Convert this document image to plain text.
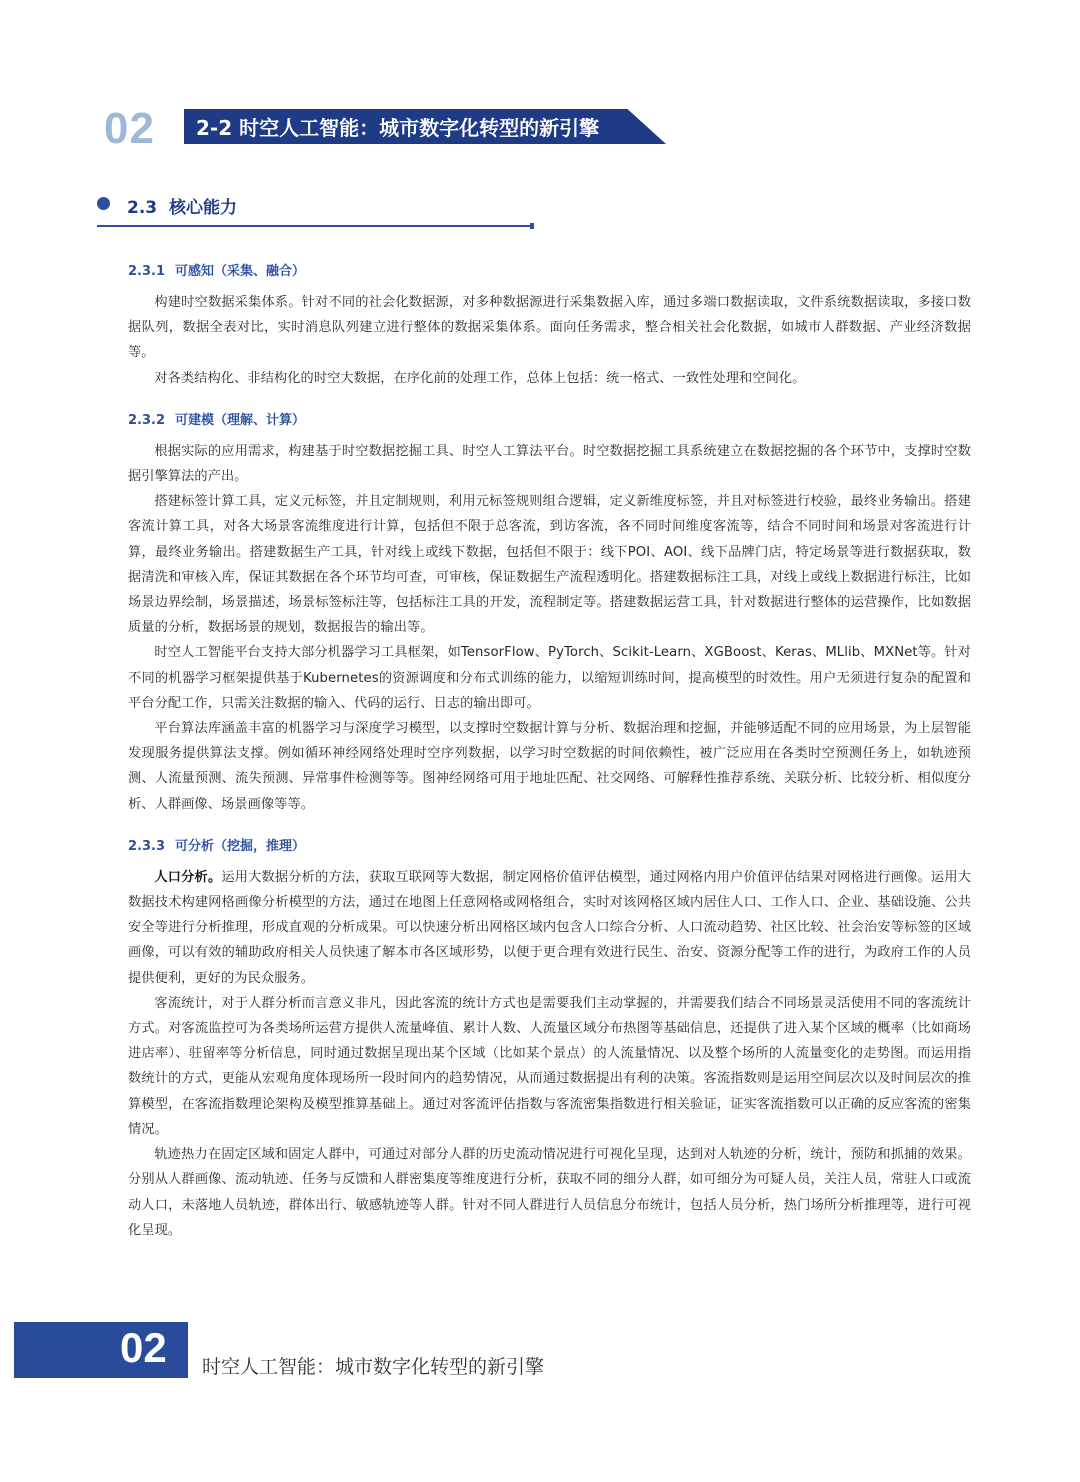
02 2-2 时空人工智能：城市数字化转型的新引擎
2.3 核心能力
2.3.1 可感知（采集、融合）

构建时空数据采集体系。针对不同的社会化数据源，对多种数据源进行采集数据入库，通过多端口数据读取，文件系统数据读取，多接口数据队列，数据全表对比，实时消息队列建立进行整体的数据采集体系。面向任务需求，整合相关社会化数据，如城市人群数据、产业经济数据等。

对各类结构化、非结构化的时空大数据，在序化前的处理工作，总体上包括：统一格式、一致性处理和空间化。

2.3.2 可建模（理解、计算）

根据实际的应用需求，构建基于时空数据挖掘工具、时空人工算法平台。时空数据挖掘工具系统建立在数据挖掘的各个环节中，支撑时空数据引擎算法的产出。

搭建标签计算工具，定义元标签，并且定制规则，利用元标签规则组合逻辑，定义新维度标签，并且对标签进行校验，最终业务输出。搭建客流计算工具，对各大场景客流维度进行计算，包括但不限于总客流，到访客流，各不同时间维度客流等，结合不同时间和场景对客流进行计算，最终业务输出。搭建数据生产工具，针对线上或线下数据，包括但不限于：线下POI、AOI、线下品牌门店，特定场景等进行数据获取，数据清洗和审核入库，保证其数据在各个环节均可查，可审核，保证数据生产流程透明化。搭建数据标注工具，对线上或线上数据进行标注，比如场景边界绘制，场景描述，场景标签标注等，包括标注工具的开发，流程制定等。搭建数据运营工具，针对数据进行整体的运营操作，比如数据质量的分析，数据场景的规划，数据报告的输出等。

时空人工智能平台支持大部分机器学习工具框架，如TensorFlow、PyTorch、Scikit-Learn、XGBoost、Keras、MLlib、MXNet等。针对不同的机器学习框架提供基于Kubernetes的资源调度和分布式训练的能力，以缩短训练时间，提高模型的时效性。用户无须进行复杂的配置和平台分配工作，只需关注数据的输入、代码的运行、日志的输出即可。

平台算法库涵盖丰富的机器学习与深度学习模型，以支撑时空数据计算与分析、数据治理和挖掘，并能够适配不同的应用场景，为上层智能发现服务提供算法支撑。例如循环神经网络处理时空序列数据，以学习时空数据的时间依赖性，被广泛应用在各类时空预测任务上，如轨迹预测、人流量预测、流失预测、异常事件检测等等。图神经网络可用于地址匹配、社交网络、可解释性推荐系统、关联分析、比较分析、相似度分析、人群画像、场景画像等等。

2.3.3 可分析（挖掘，推理）

人口分析。运用大数据分析的方法，获取互联网等大数据，制定网格价值评估模型，通过网格内用户价值评估结果对网格进行画像。运用大数据技术构建网格画像分析模型的方法，通过在地图上任意网格或网格组合，实时对该网格区域内居住人口、工作人口、企业、基础设施、公共安全等进行分析推理，形成直观的分析成果。可以快速分析出网格区域内包含人口综合分析、人口流动趋势、社区比较、社会治安等标签的区域画像，可以有效的辅助政府相关人员快速了解本市各区域形势，以便于更合理有效进行民生、治安、资源分配等工作的进行，为政府工作的人员提供便利，更好的为民众服务。

客流统计，对于人群分析而言意义非凡，因此客流的统计方式也是需要我们主动掌握的，并需要我们结合不同场景灵活使用不同的客流统计方式。对客流监控可为各类场所运营方提供人流量峰值、累计人数、人流量区域分布热图等基础信息，还提供了进入某个区域的概率（比如商场进店率）、驻留率等分析信息，同时通过数据呈现出某个区域（比如某个景点）的人流量情况、以及整个场所的人流量变化的走势图。而运用指数统计的方式，更能从宏观角度体现场所一段时间内的趋势情况，从而通过数据提出有利的决策。客流指数则是运用空间层次以及时间层次的推算模型，在客流指数理论架构及模型推算基础上。通过对客流评估指数与客流密集指数进行相关验证，证实客流指数可以正确的反应客流的密集情况。

轨迹热力在固定区域和固定人群中，可通过对部分人群的历史流动情况进行可视化呈现，达到对人轨迹的分析，统计，预防和抓捕的效果。分别从人群画像、流动轨迹、任务与反馈和人群密集度等维度进行分析，获取不同的细分人群，如可细分为可疑人员，关注人员，常驻人口或流动人口，未落地人员轨迹，群体出行、敏感轨迹等人群。针对不同人群进行人员信息分布统计，包括人员分析，热门场所分析推理等，进行可视化呈现。

02 时空人工智能：城市数字化转型的新引擎
